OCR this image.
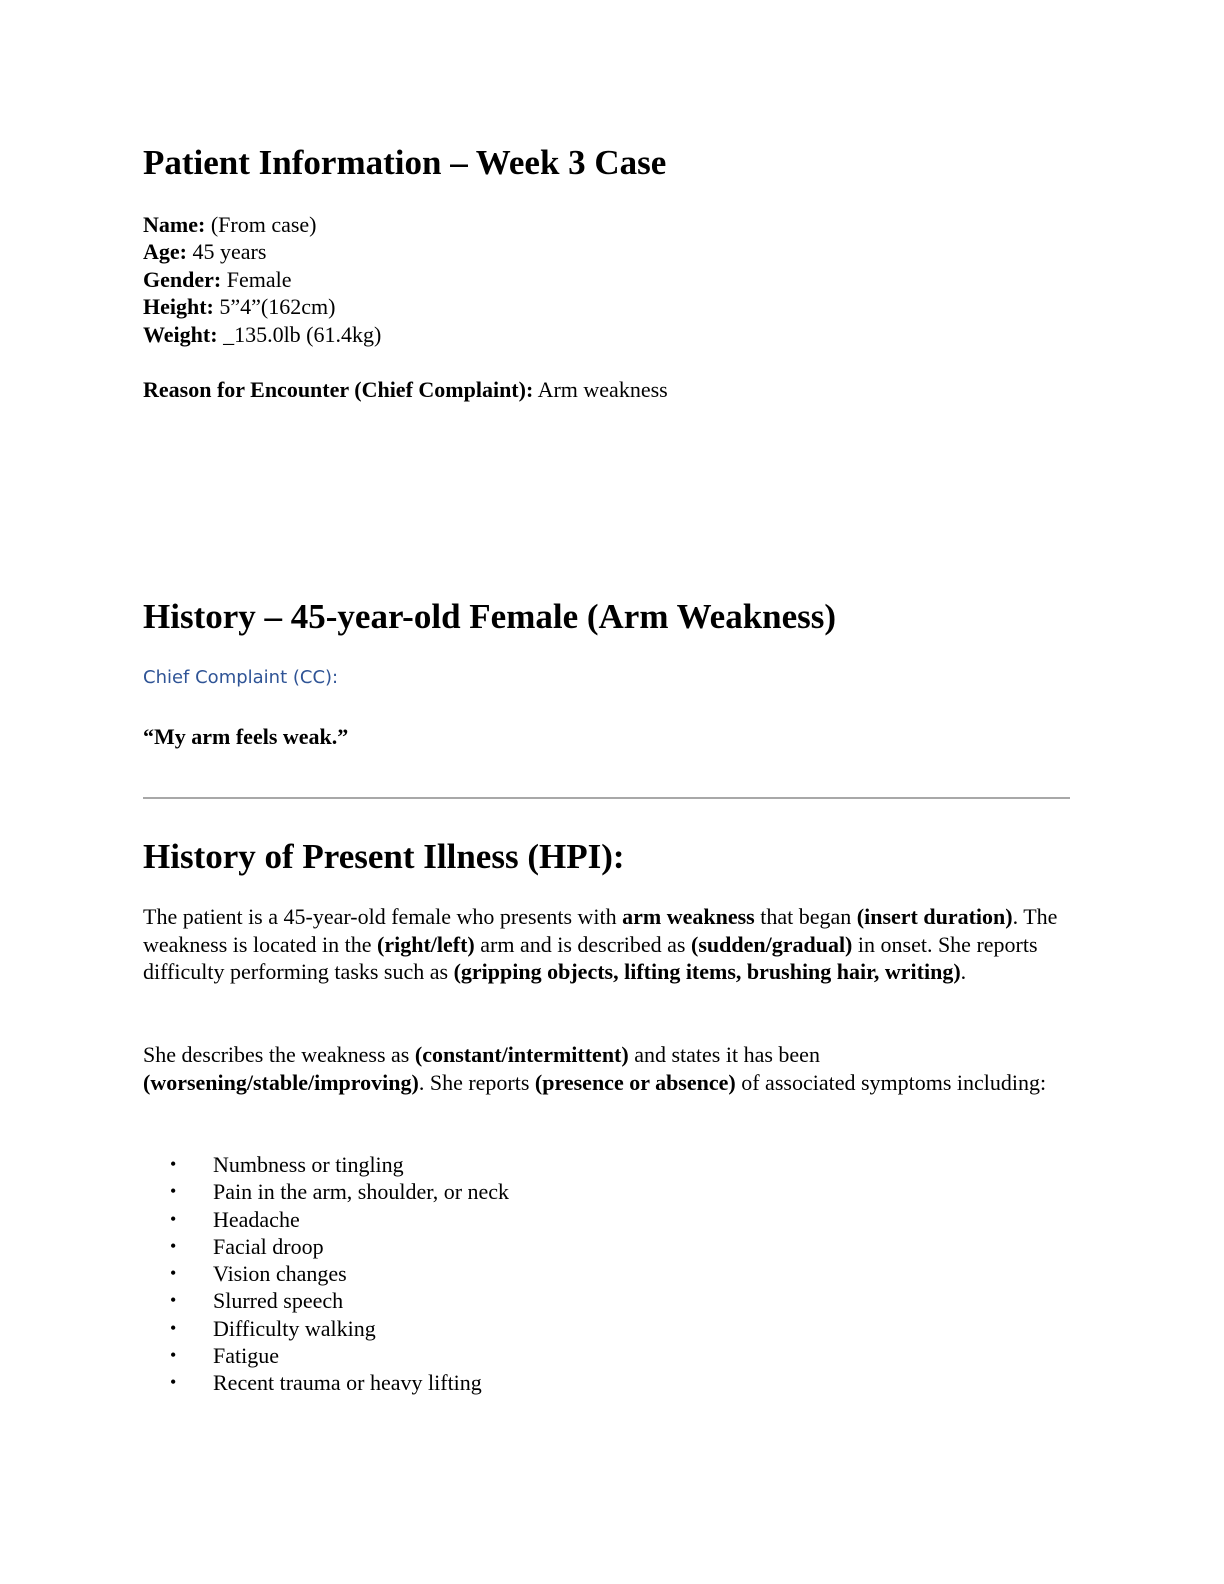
Patient Information – Week 3 Case
Name: (From case)
Age: 45 years
Gender: Female
Height: 5”4”(162cm)
Weight: _135.0lb (61.4kg)
Reason for Encounter (Chief Complaint): Arm weakness
History – 45-year-old Female (Arm Weakness)
Chief Complaint (CC):
“My arm feels weak.”
History of Present Illness (HPI):

The patient is a 45-year-old female who presents with arm weakness that began (insert duration). The weakness is located in the (right/left) arm and is described as (sudden/gradual) in onset. She reports difficulty performing tasks such as (gripping objects, lifting items, brushing hair, writing).

She describes the weakness as (constant/intermittent) and states it has been (worsening/stable/improving). She reports (presence or absence) of associated symptoms including:

•	Numbness or tingling
•	Pain in the arm, shoulder, or neck
•	Headache
•	Facial droop
•	Vision changes
•	Slurred speech
•	Difficulty walking
•	Fatigue
•	Recent trauma or heavy lifting
